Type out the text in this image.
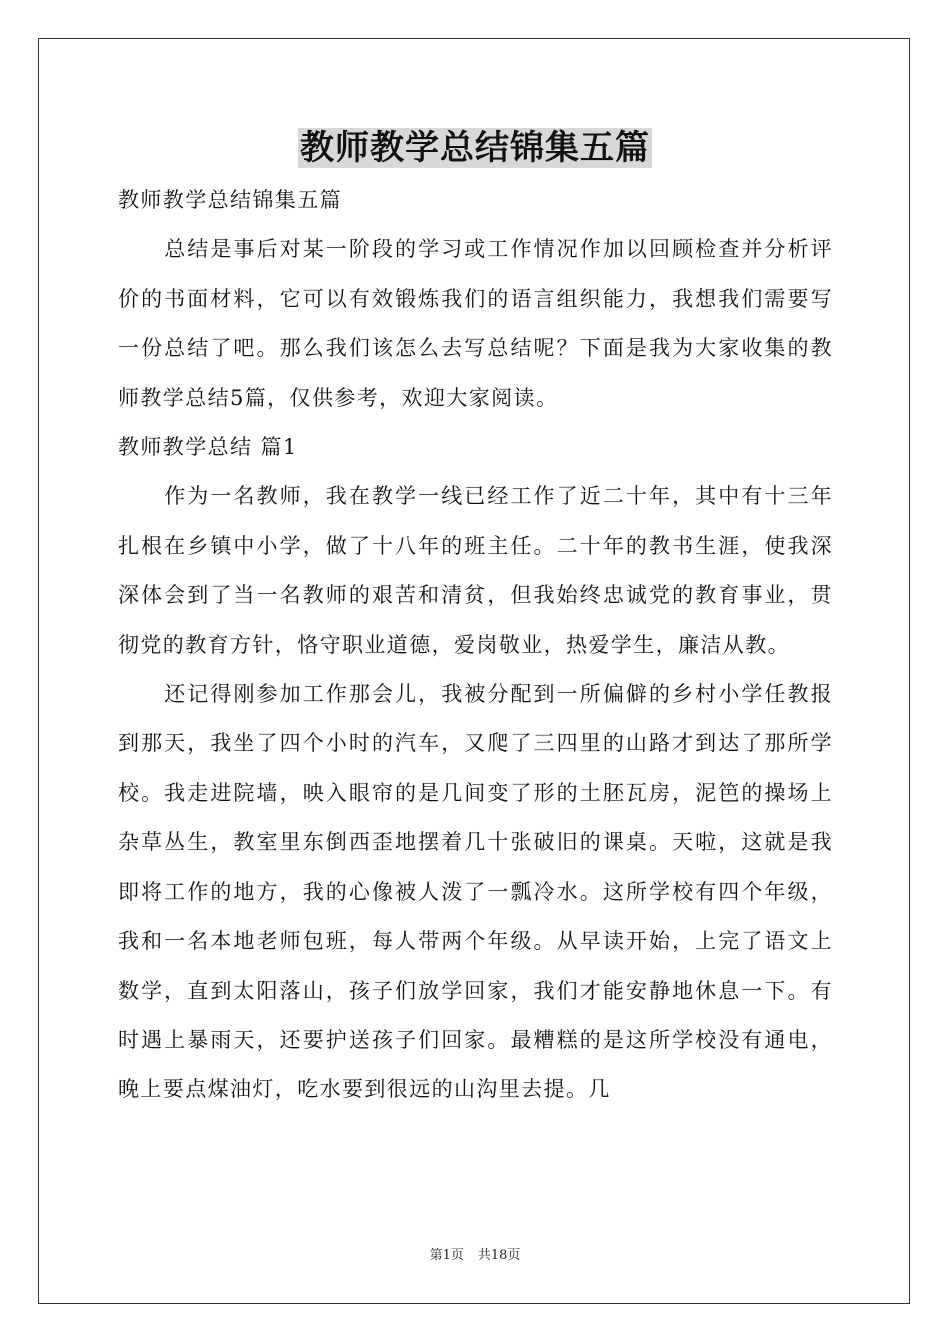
教师教学总结锦集五篇

教师教学总结锦集五篇

总结是事后对某一阶段的学习或工作情况作加以回顾检查并分析评价的书面材料，它可以有效锻炼我们的语言组织能力，我想我们需要写一份总结了吧。那么我们该怎么去写总结呢？下面是我为大家收集的教师教学总结5篇，仅供参考，欢迎大家阅读。

教师教学总结 篇1

作为一名教师，我在教学一线已经工作了近二十年，其中有十三年扎根在乡镇中小学，做了十八年的班主任。二十年的教书生涯，使我深深体会到了当一名教师的艰苦和清贫，但我始终忠诚党的教育事业，贯彻党的教育方针，恪守职业道德，爱岗敬业，热爱学生，廉洁从教。

还记得刚参加工作那会儿，我被分配到一所偏僻的乡村小学任教报到那天，我坐了四个小时的汽车，又爬了三四里的山路才到达了那所学校。我走进院墙，映入眼帘的是几间变了形的土胚瓦房，泥笆的操场上杂草丛生，教室里东倒西歪地摆着几十张破旧的课桌。天啦，这就是我即将工作的地方，我的心像被人泼了一瓢冷水。这所学校有四个年级，我和一名本地老师包班，每人带两个年级。从早读开始，上完了语文上数学，直到太阳落山，孩子们放学回家，我们才能安静地休息一下。有时遇上暴雨天，还要护送孩子们回家。最糟糕的是这所学校没有通电，晚上要点煤油灯，吃水要到很远的山沟里去提。几

第1页 共18页
